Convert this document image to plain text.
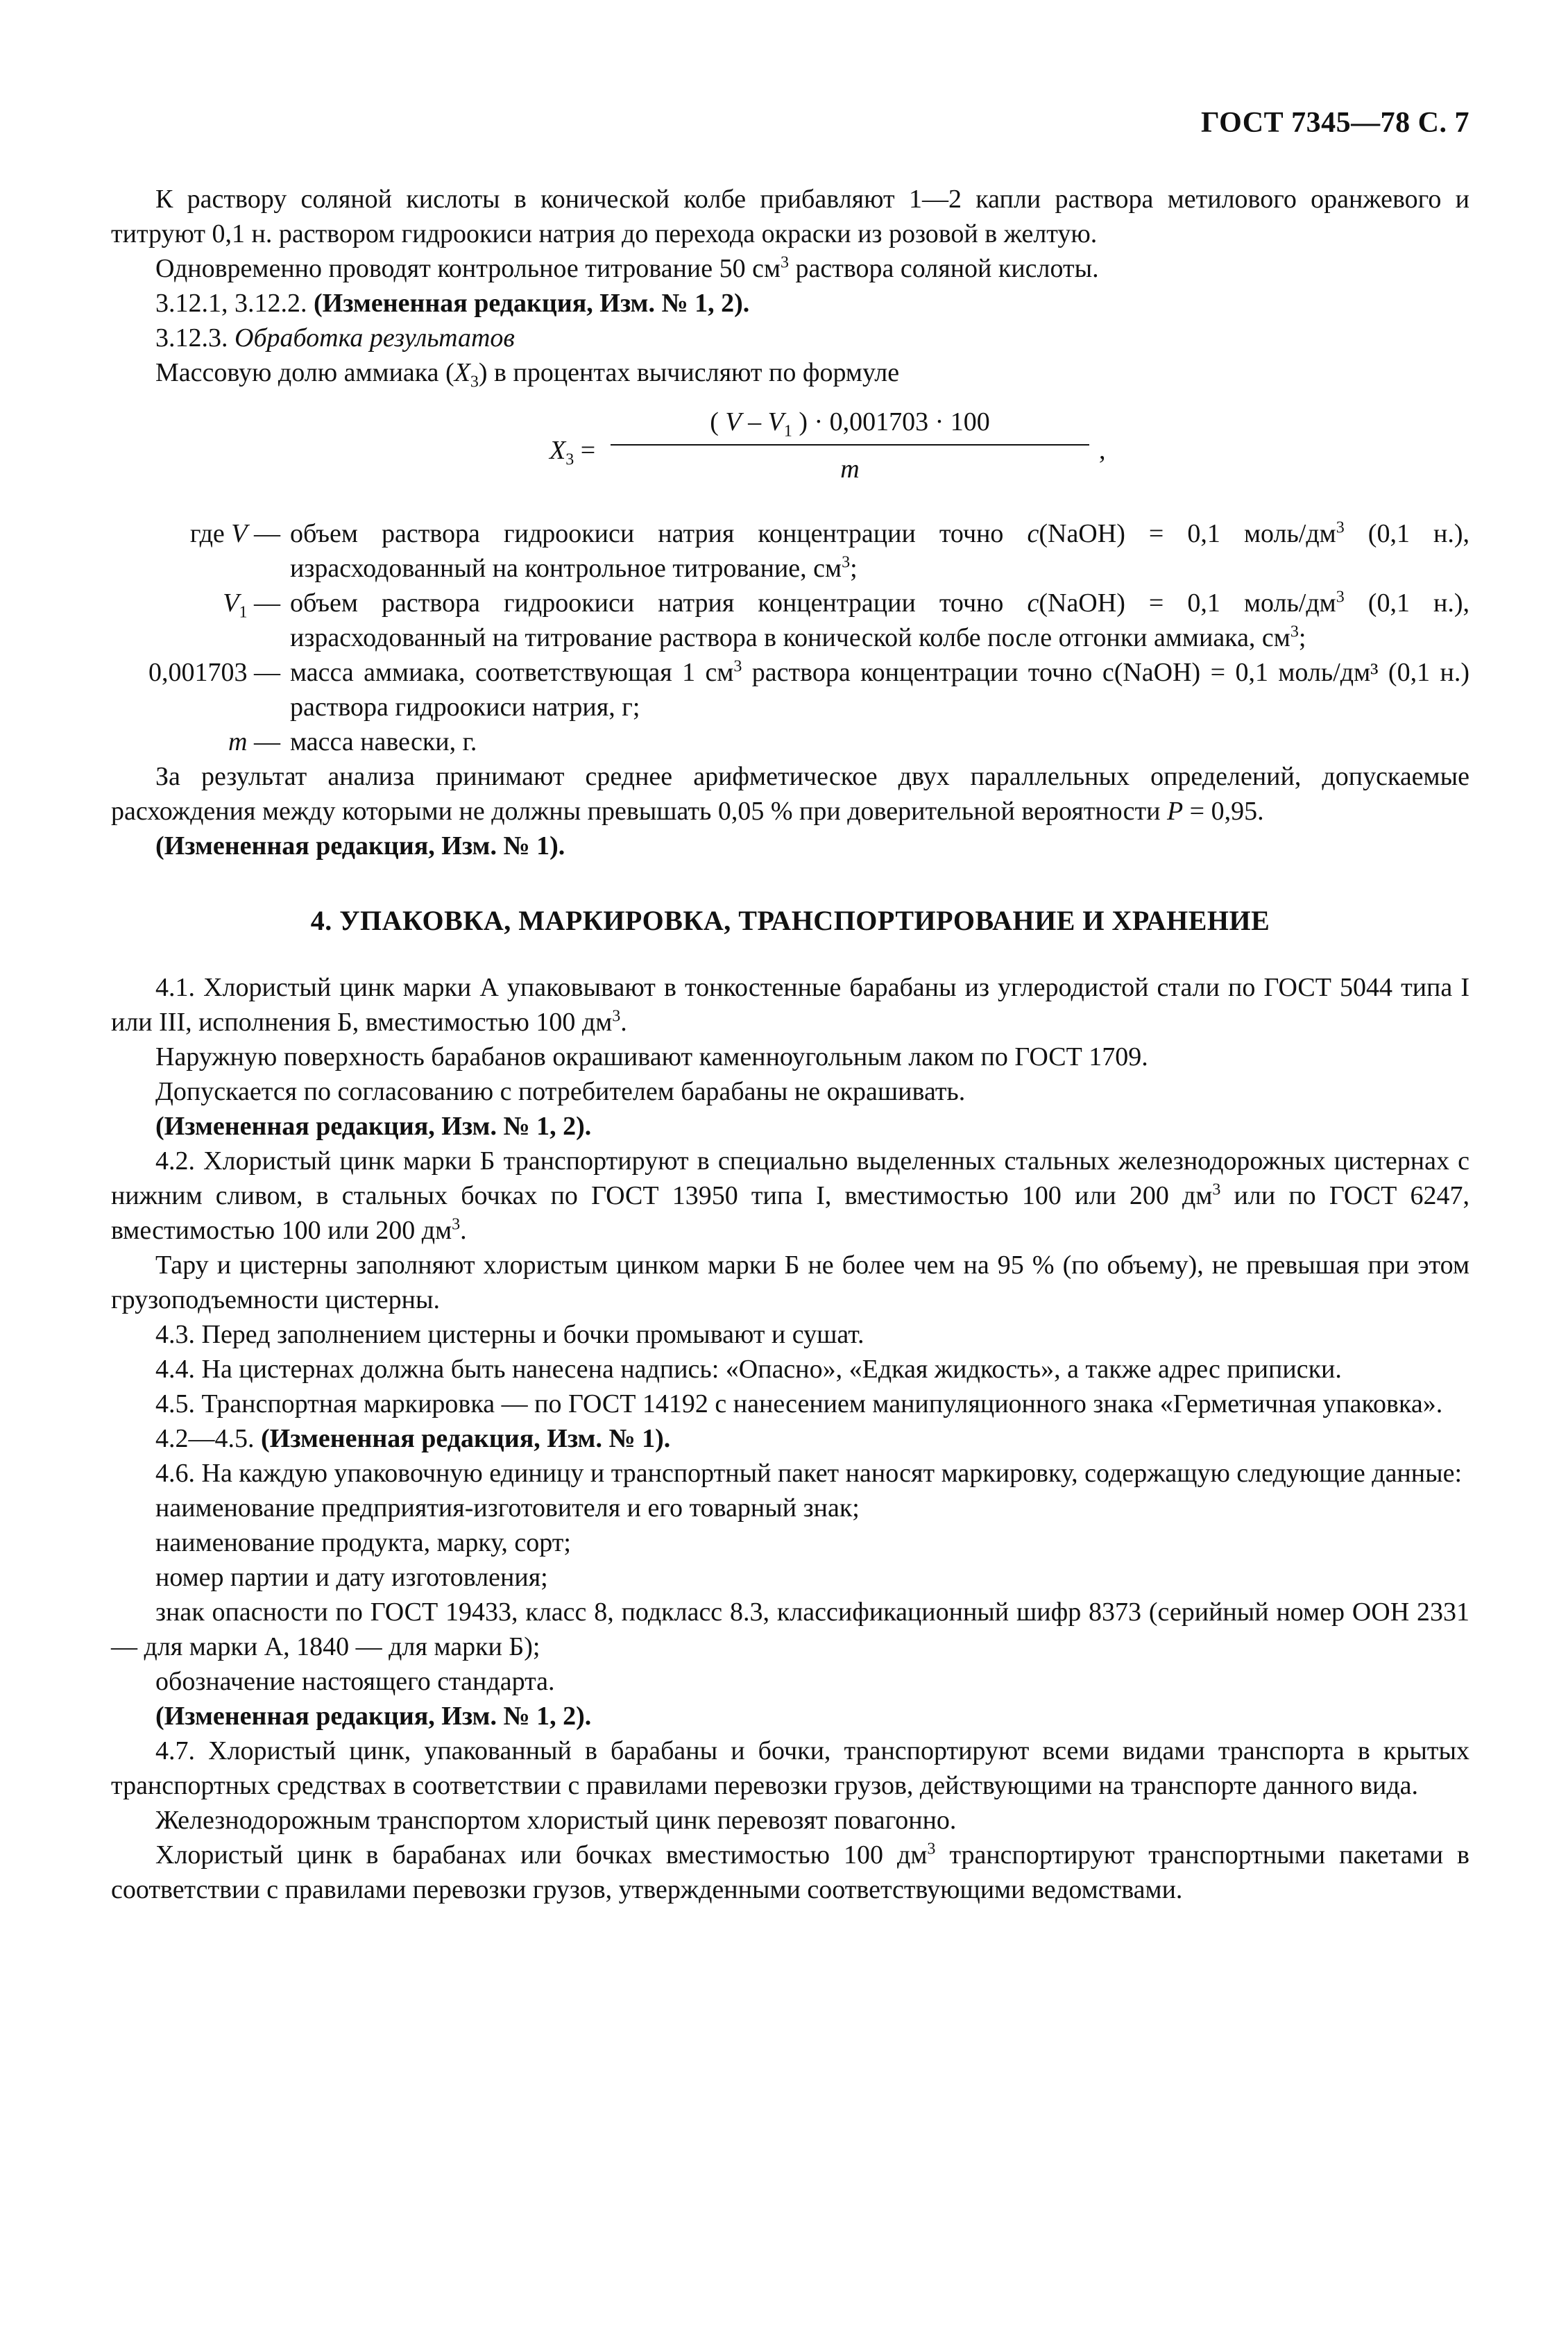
ГОСТ 7345—78 С. 7

К раствору соляной кислоты в конической колбе прибавляют 1—2 капли раствора метилового оранжевого и титруют 0,1 н. раствором гидроокиси натрия до перехода окраски из розовой в желтую.

Одновременно проводят контрольное титрование 50 $см^3$ раствора соляной кислоты.

3.12.1, 3.12.2. (Измененная редакция, Изм. № 1, 2).

3.12.3. Обработка результатов

Массовую долю аммиака $(X_3)$ в процентах вычисляют по формуле

$X_3$ =
( V – $V_1$ ) · 0,001703 · 100
m
,
где V — объем раствора гидроокиси натрия концентрации точно c(NaOH) = 0,1 моль/$дм^3$ (0,1 н.), израсходованный на контрольное титрование, $см^3$;
$V_1$ — объем раствора гидроокиси натрия концентрации точно c(NaOH) = 0,1 моль/$дм^3$ (0,1 н.), израсходованный на титрование раствора в конической колбе после отгонки аммиака, $см^3$;
0,001703 — масса аммиака, соответствующая 1 $см^3$ раствора концентрации точно c(NaOH) = 0,1 моль/дм³ (0,1 н.) раствора гидроокиси натрия, г;
m — масса навески, г.

За результат анализа принимают среднее арифметическое двух параллельных определений, допускаемые расхождения между которыми не должны превышать 0,05 % при доверительной вероятности P = 0,95.

(Измененная редакция, Изм. № 1).

4. УПАКОВКА, МАРКИРОВКА, ТРАНСПОРТИРОВАНИЕ И ХРАНЕНИЕ

4.1. Хлористый цинк марки А упаковывают в тонкостенные барабаны из углеродистой стали по ГОСТ 5044 типа I или III, исполнения Б, вместимостью 100 $дм^3$.

Наружную поверхность барабанов окрашивают каменноугольным лаком по ГОСТ 1709.

Допускается по согласованию с потребителем барабаны не окрашивать.

(Измененная редакция, Изм. № 1, 2).

4.2. Хлористый цинк марки Б транспортируют в специально выделенных стальных железнодорожных цистернах с нижним сливом, в стальных бочках по ГОСТ 13950 типа I, вместимостью 100 или 200 $дм^3$ или по ГОСТ 6247, вместимостью 100 или 200 $дм^3$.

Тару и цистерны заполняют хлористым цинком марки Б не более чем на 95 % (по объему), не превышая при этом грузоподъемности цистерны.

4.3. Перед заполнением цистерны и бочки промывают и сушат.

4.4. На цистернах должна быть нанесена надпись: «Опасно», «Едкая жидкость», а также адрес приписки.

4.5. Транспортная маркировка — по ГОСТ 14192 с нанесением манипуляционного знака «Герметичная упаковка».

4.2—4.5. (Измененная редакция, Изм. № 1).

4.6. На каждую упаковочную единицу и транспортный пакет наносят маркировку, содержащую следующие данные:

наименование предприятия-изготовителя и его товарный знак;

наименование продукта, марку, сорт;

номер партии и дату изготовления;

знак опасности по ГОСТ 19433, класс 8, подкласс 8.3, классификационный шифр 8373 (серийный номер ООН 2331 — для марки А, 1840 — для марки Б);

обозначение настоящего стандарта.

(Измененная редакция, Изм. № 1, 2).

4.7. Хлористый цинк, упакованный в барабаны и бочки, транспортируют всеми видами транспорта в крытых транспортных средствах в соответствии с правилами перевозки грузов, действующими на транспорте данного вида.

Железнодорожным транспортом хлористый цинк перевозят повагонно.

Хлористый цинк в барабанах или бочках вместимостью 100 $дм^3$ транспортируют транспортными пакетами в соответствии с правилами перевозки грузов, утвержденными соответствующими ведомствами.
